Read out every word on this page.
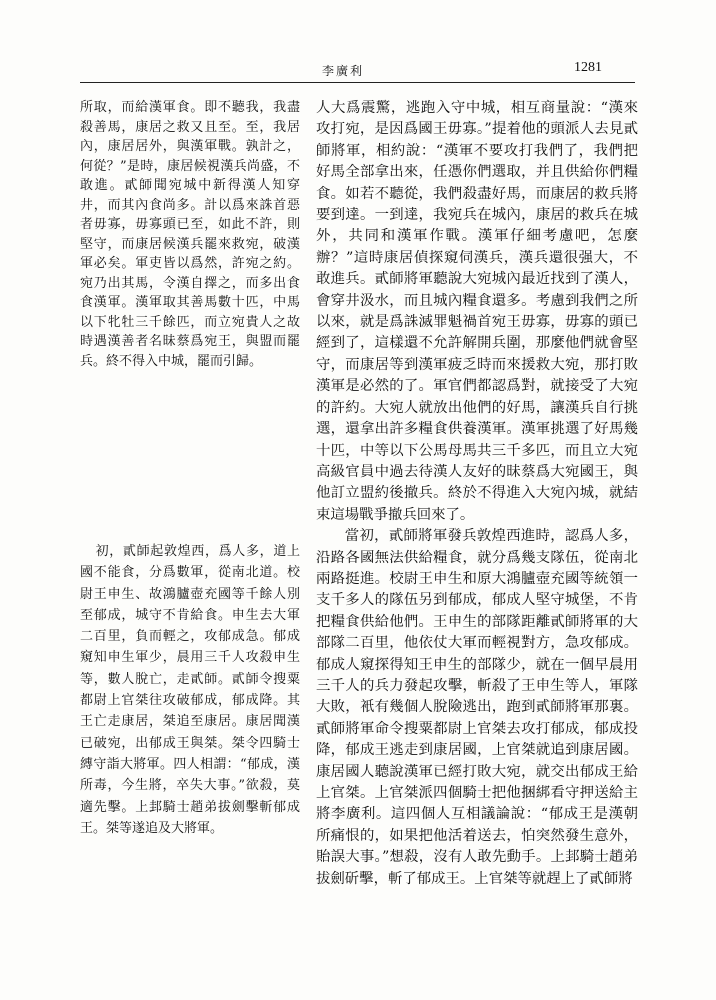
李廣利	1281

所取，而給漢軍食。即不聽我，我盡殺善馬，康居之救又且至。至，我居內，康居居外，與漢軍戰。孰計之，何從？”是時，康居候視漢兵尚盛，不敢進。貳師聞宛城中新得漢人知穿井，而其內食尚多。計以爲來誅首惡者毋寡，毋寡頭已至，如此不許，則堅守，而康居候漢兵罷來救宛，破漢軍必矣。軍吏皆以爲然，許宛之約。宛乃出其馬，令漢自擇之，而多出食食漢軍。漢軍取其善馬數十匹，中馬以下牝牡三千餘匹，而立宛貴人之故時遇漢善者名昧蔡爲宛王，與盟而罷兵。終不得入中城，罷而引歸。

初，貳師起敦煌西，爲人多，道上國不能食，分爲數軍，從南北道。校尉王申生、故鴻臚壺充國等千餘人別至郁成，城守不肯給食。申生去大軍二百里，負而輕之，攻郁成急。郁成窺知申生軍少，晨用三千人攻殺申生等，數人脫亡，走貳師。貳師令搜粟都尉上官桀往攻破郁成，郁成降。其王亡走康居，桀追至康居。康居聞漢已破宛，出郁成王與桀。桀令四騎士縛守詣大將軍。四人相謂：“郁成，漢所毒，今生將，卒失大事。”欲殺，莫適先擊。上邽騎士趙弟拔劍擊斬郁成王。桀等遂追及大將軍。

人大爲震驚，逃跑入守中城，相互商量說：“漢來攻打宛，是因爲國王毋寡。”提着他的頭派人去見貳師將軍，相約說：“漢軍不要攻打我們了，我們把好馬全部拿出來，任憑你們選取，并且供給你們糧食。如若不聽從，我們殺盡好馬，而康居的救兵將要到達。一到達，我宛兵在城內，康居的救兵在城外，共同和漢軍作戰。漢軍仔細考慮吧，怎麼辦？”這時康居偵探窺伺漢兵，漢兵還很强大，不敢進兵。貳師將軍聽說大宛城內最近找到了漢人，會穿井汲水，而且城內糧食還多。考慮到我們之所以來，就是爲誅滅罪魁禍首宛王毋寡，毋寡的頭已經到了，這樣還不允許解開兵圍，那麼他們就會堅守，而康居等到漢軍疲乏時而來援救大宛，那打敗漢軍是必然的了。軍官們都認爲對，就接受了大宛的許約。大宛人就放出他們的好馬，讓漢兵自行挑選，還拿出許多糧食供養漢軍。漢軍挑選了好馬幾十匹，中等以下公馬母馬共三千多匹，而且立大宛高級官員中過去待漢人友好的昧蔡爲大宛國王，與他訂立盟約後撤兵。終於不得進入大宛內城，就結束這場戰爭撤兵回來了。

當初，貳師將軍發兵敦煌西進時，認爲人多，沿路各國無法供給糧食，就分爲幾支隊伍，從南北兩路挺進。校尉王申生和原大鴻臚壺充國等統領一支千多人的隊伍另到郁成，郁成人堅守城堡，不肯把糧食供給他們。王申生的部隊距離貳師將軍的大部隊二百里，他依仗大軍而輕視對方，急攻郁成。郁成人窺探得知王申生的部隊少，就在一個早晨用三千人的兵力發起攻擊，斬殺了王申生等人，軍隊大敗，衹有幾個人脫險逃出，跑到貳師將軍那裏。貳師將軍命令搜粟都尉上官桀去攻打郁成，郁成投降，郁成王逃走到康居國，上官桀就追到康居國。康居國人聽說漢軍已經打敗大宛，就交出郁成王給上官桀。上官桀派四個騎士把他捆綁看守押送給主將李廣利。這四個人互相議論說：“郁成王是漢朝所痛恨的，如果把他活着送去，怕突然發生意外，貽誤大事。”想殺，沒有人敢先動手。上邽騎士趙弟拔劍斫擊，斬了郁成王。上官桀等就趕上了貳師將
